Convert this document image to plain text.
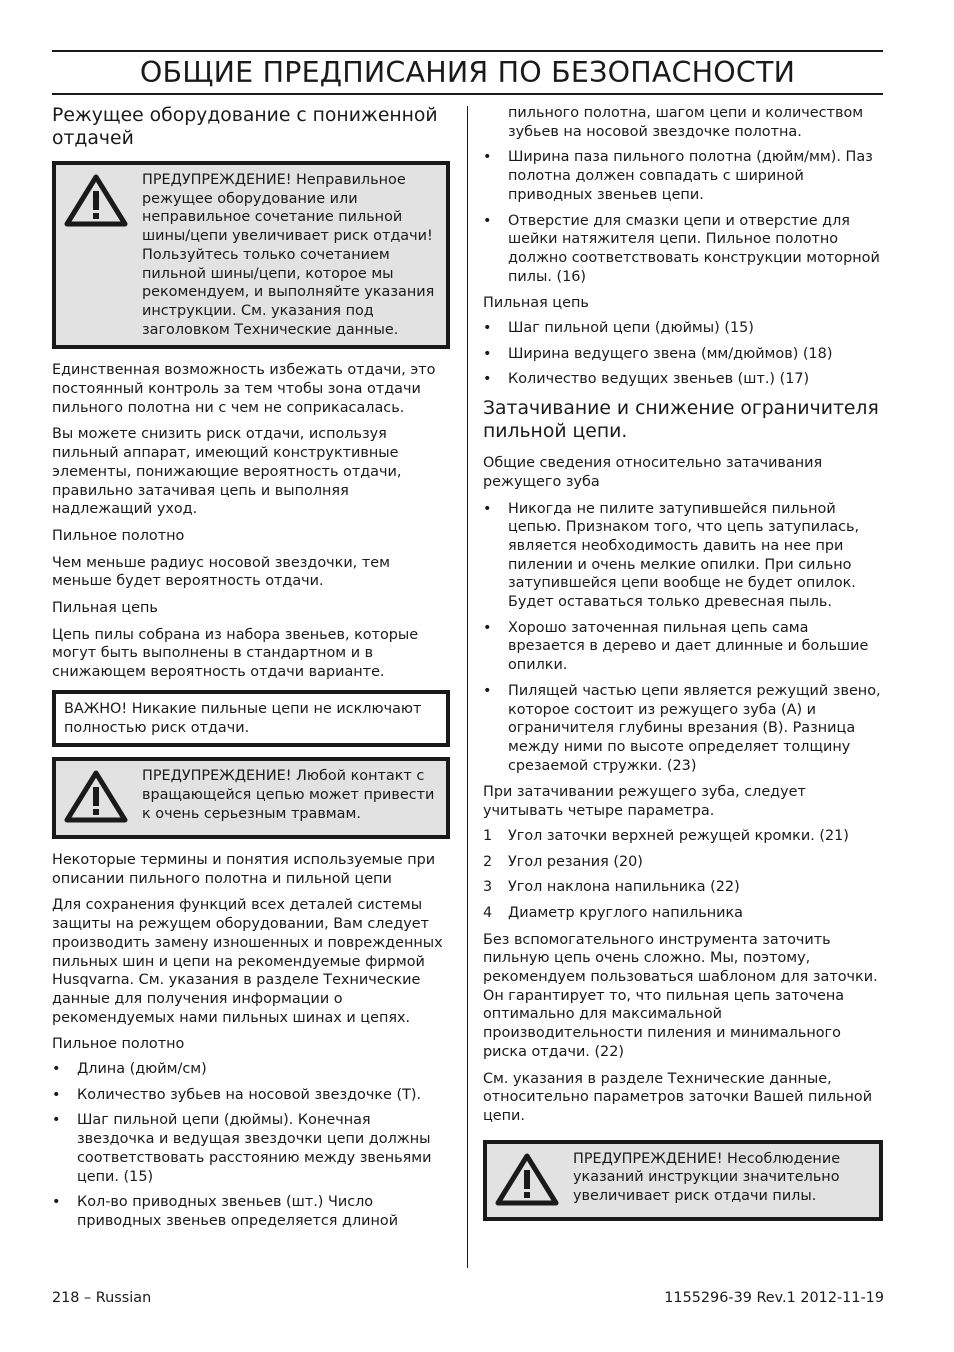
ОБЩИЕ ПРЕДПИСАНИЯ ПО БЕЗОПАСНОСТИ
Режущее оборудование с пониженной отдачей
ПРЕДУПРЕЖДЕНИЕ! Неправильное режущее оборудование или неправильное сочетание пильной шины/цепи увеличивает риск отдачи! Пользуйтесь только сочетанием пильной шины/цепи, которое мы рекомендуем, и выполняйте указания инструкции. См. указания под заголовком Технические данные.

Единственная возможность избежать отдачи, это постоянный контроль за тем чтобы зона отдачи пильного полотна ни с чем не соприкасалась.

Вы можете снизить риск отдачи, используя пильный аппарат, имеющий конструктивные элементы, понижающие вероятность отдачи, правильно затачивая цепь и выполняя надлежащий уход.

Пильное полотно

Чем меньше радиус носовой звездочки, тем меньше будет вероятность отдачи.

Пильная цепь

Цепь пилы собрана из набора звеньев, которые могут быть выполнены в стандартном и в снижающем вероятность отдачи варианте.

ВАЖНО! Никакие пильные цепи не исключают полностью риск отдачи.
ПРЕДУПРЕЖДЕНИЕ! Любой контакт с вращающейся цепью может привести к очень серьезным травмам.

Некоторые термины и понятия используемые при описании пильного полотна и пильной цепи

Для сохранения функций всех деталей системы защиты на режущем оборудовании, Вам следует производить замену изношенных и поврежденных пильных шин и цепи на рекомендуемые фирмой Husqvarna. См. указания в разделе Технические данные для получения информации о рекомендуемых нами пильных шинах и цепях.

Пильное полотно

• Длина (дюйм/см)
• Количество зубьев на носовой звездочке (T).
• Шаг пильной цепи (дюймы). Конечная звездочка и ведущая звездочки цепи должны соответствовать расстоянию между звеньями цепи. (15)
• Кол-во приводных звеньев (шт.) Число приводных звеньев определяется длиной

пильного полотна, шагом цепи и количеством зубьев на носовой звездочке полотна.

• Ширина паза пильного полотна (дюйм/мм). Паз полотна должен совпадать с шириной приводных звеньев цепи.
• Отверстие для смазки цепи и отверстие для шейки натяжителя цепи. Пильное полотно должно соответствовать конструкции моторной пилы. (16)

Пильная цепь

• Шаг пильной цепи (дюймы) (15)
• Ширина ведущего звена (мм/дюймов) (18)
• Количество ведущих звеньев (шт.) (17)
Затачивание и снижение ограничителя пильной цепи.

Общие сведения относительно затачивания режущего зуба

• Никогда не пилите затупившейся пильной цепью. Признаком того, что цепь затупилась, является необходимость давить на нее при пилении и очень мелкие опилки. При сильно затупившейся цепи вообще не будет опилок. Будет оставаться только древесная пыль.
• Хорошо заточенная пильная цепь сама врезается в дерево и дает длинные и большие опилки.
• Пилящей частью цепи является режущий звено, которое состоит из режущего зуба (A) и ограничителя глубины врезания (B). Разница между ними по высоте определяет толщину срезаемой стружки. (23)

При затачивании режущего зуба, следует учитывать четыре параметра.

1 Угол заточки верхней режущей кромки. (21)
2 Угол резания (20)
3 Угол наклона напильника (22)
4 Диаметр круглого напильника

Без вспомогательного инструмента заточить пильную цепь очень сложно. Мы, поэтому, рекомендуем пользоваться шаблоном для заточки. Он гарантирует то, что пильная цепь заточена оптимально для максимальной производительности пиления и минимального риска отдачи. (22)

См. указания в разделе Технические данные, относительно параметров заточки Вашей пильной цепи.

ПРЕДУПРЕЖДЕНИЕ! Несоблюдение указаний инструкции значительно увеличивает риск отдачи пилы.
218 – Russian	1155296-39 Rev.1 2012-11-19
